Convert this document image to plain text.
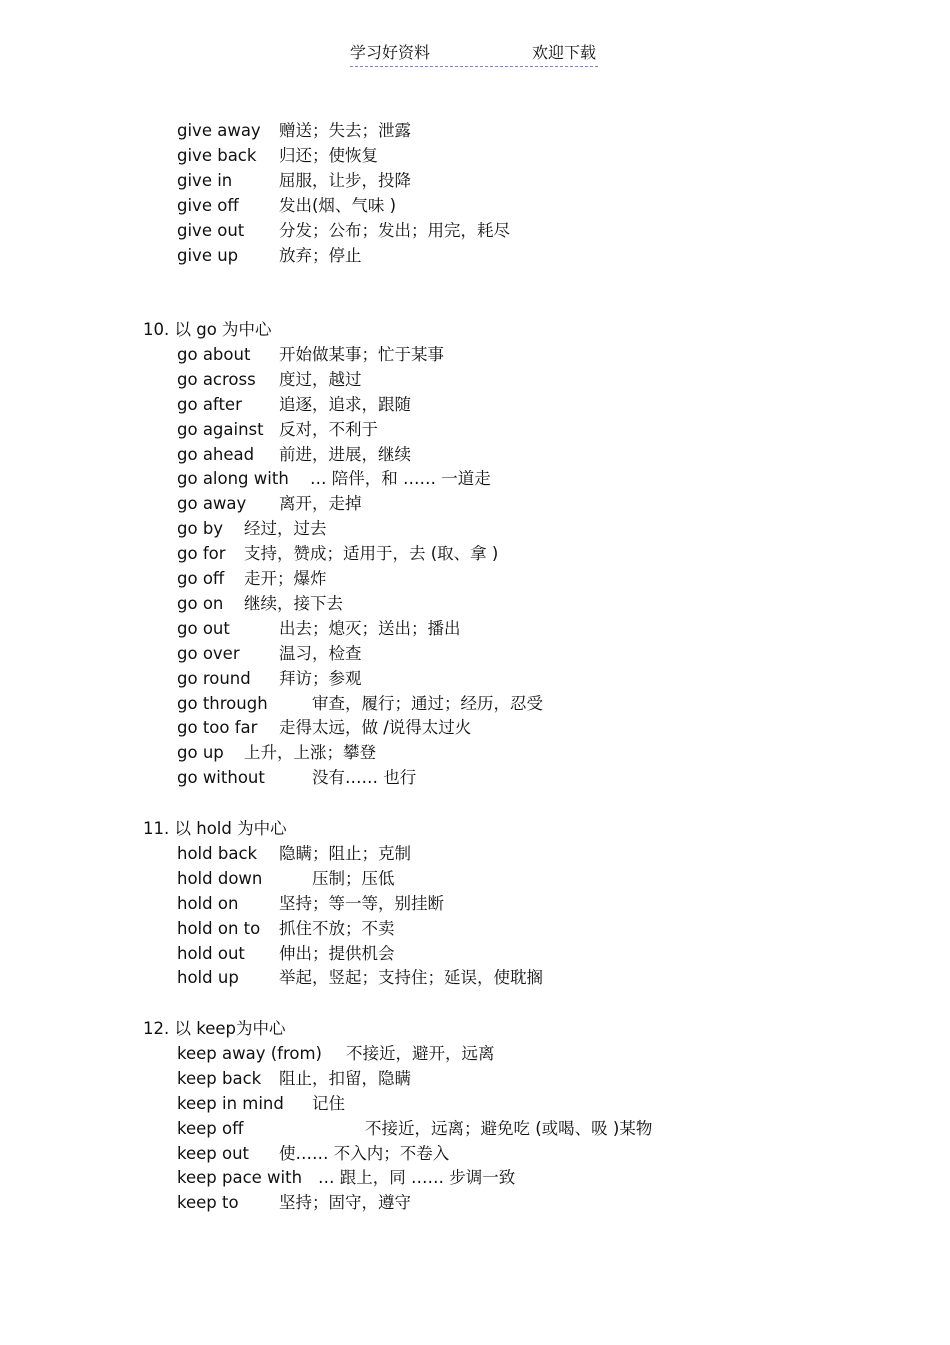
学习好资料	欢迎下载
give away 赠送；失去；泄露
give back 归还；使恢复
give in	屈服，让步，投降
give off 发出(烟、气味 )
give out 分发；公布；发出；用完，耗尽
give up 放弃；停止
10. 以 go 为中心
go about 开始做某事；忙于某事
go across 度过，越过
go after 追逐，追求，跟随
go against 反对，不利于
go ahead 前进，进展，继续
go along with … 陪伴，和 …… 一道走
go away 离开，走掉
go by 经过，过去
go for 支持，赞成；适用于，去 (取、拿 )
go off 走开；爆炸
go on 继续，接下去
go out	出去；熄灭；送出；播出
go over 温习，检查
go round 拜访；参观
go through	审查，履行；通过；经历，忍受
go too far 走得太远，做 /说得太过火
go up 上升，上涨；攀登
go without	没有…… 也行
11. 以 hold 为中心
hold back 隐瞒；阻止；克制
hold down	压制；压低
hold on 坚持；等一等，别挂断
hold on to 抓住不放；不卖
hold out 伸出；提供机会
hold up 举起，竖起；支持住；延误，使耽搁
12. 以 keep为中心
keep away (from) 不接近，避开，远离
keep back 阻止，扣留，隐瞒
keep in mind 记住
keep off	不接近，远离；避免吃 (或喝、吸 )某物
keep out 使…… 不入内；不卷入
keep pace with … 跟上，同 …… 步调一致
keep to 坚持；固守，遵守
